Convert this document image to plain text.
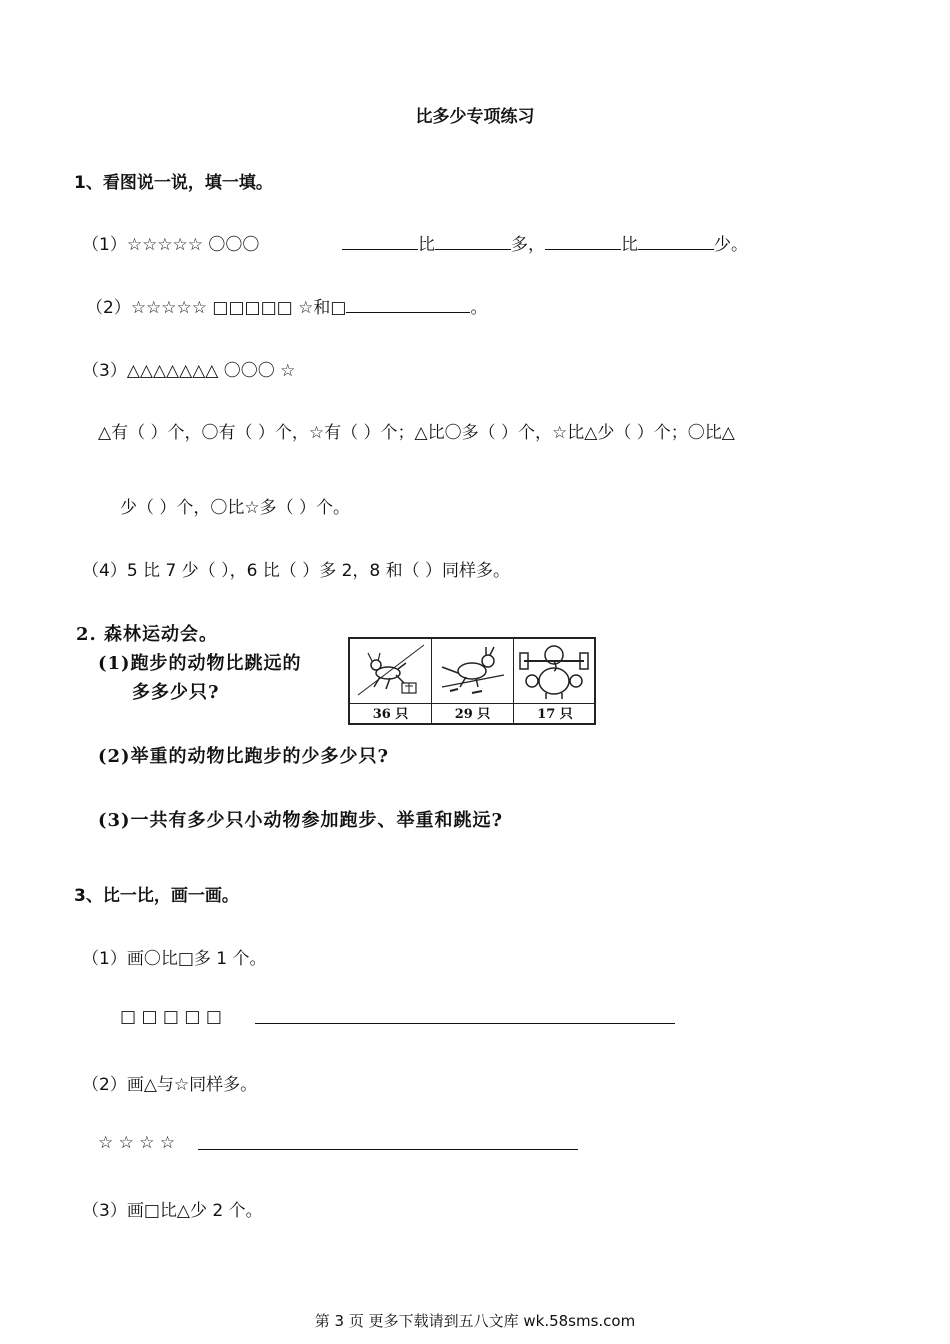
比多少专项练习
1、看图说一说，填一填。
（1）☆☆☆☆☆ 〇〇〇	比	多，	比	少。
（2）☆☆☆☆☆ □□□□□ ☆和□	。
（3）△△△△△△△ 〇〇〇 ☆
△有（ ）个，〇有（ ）个，☆有（ ）个；△比〇多（ ）个，☆比△少（ ）个；〇比△
少（ ）个，〇比☆多（ ）个。
（4）5 比 7 少（ ），6 比（ ）多 2，8 和（ ）同样多。
2. 森林运动会。
(1)跑步的动物比跳远的
多多少只?
36 只	29 只	17 只
(2)举重的动物比跑步的少多少只?
(3)一共有多少只小动物参加跑步、举重和跳远?
3、比一比，画一画。
（1）画〇比□多 1 个。
□ □ □ □ □
（2）画△与☆同样多。
☆ ☆ ☆ ☆
（3）画□比△少 2 个。
第 3 页 更多下载请到五八文库 wk.58sms.com
